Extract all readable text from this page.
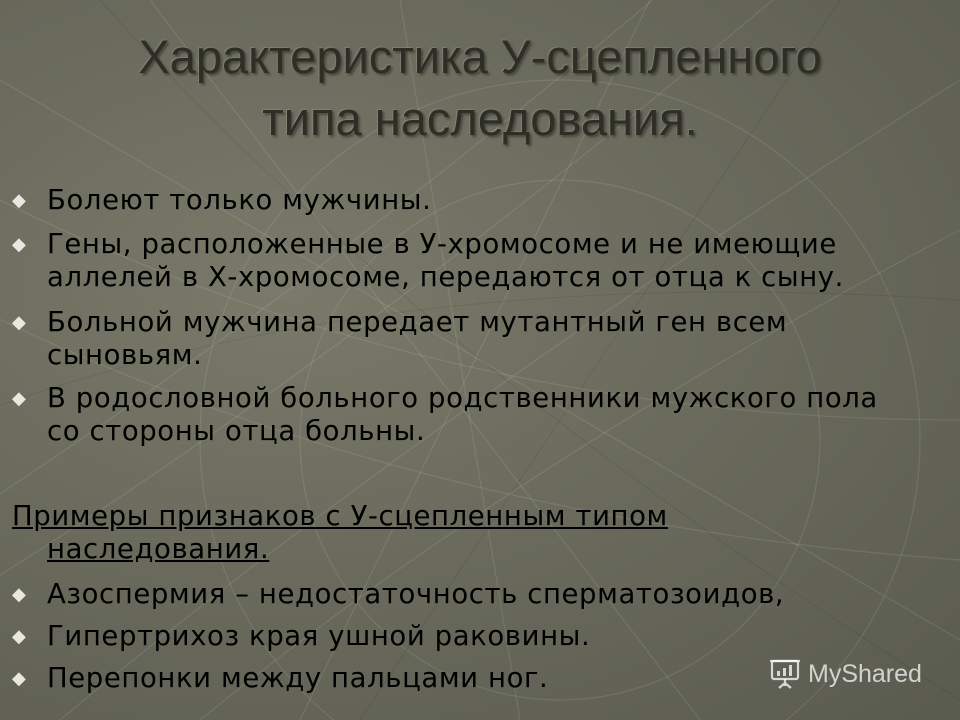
Характеристика У-сцепленного
типа наследования.
◆ Болеют только мужчины.
◆ Гены, расположенные в У-хромосоме и не имеющие аллелей в Х-хромосоме, передаются от отца к сыну.
◆ Больной мужчина передает мутантный ген всем сыновьям.
◆ В родословной больного родственники мужского пола со стороны отца больны.
Примеры признаков с У-сцепленным типом
наследования.
◆ Азоспермия – недостаточность сперматозоидов,
◆ Гипертрихоз края ушной раковины.
◆ Перепонки между пальцами ног.	MyShared
